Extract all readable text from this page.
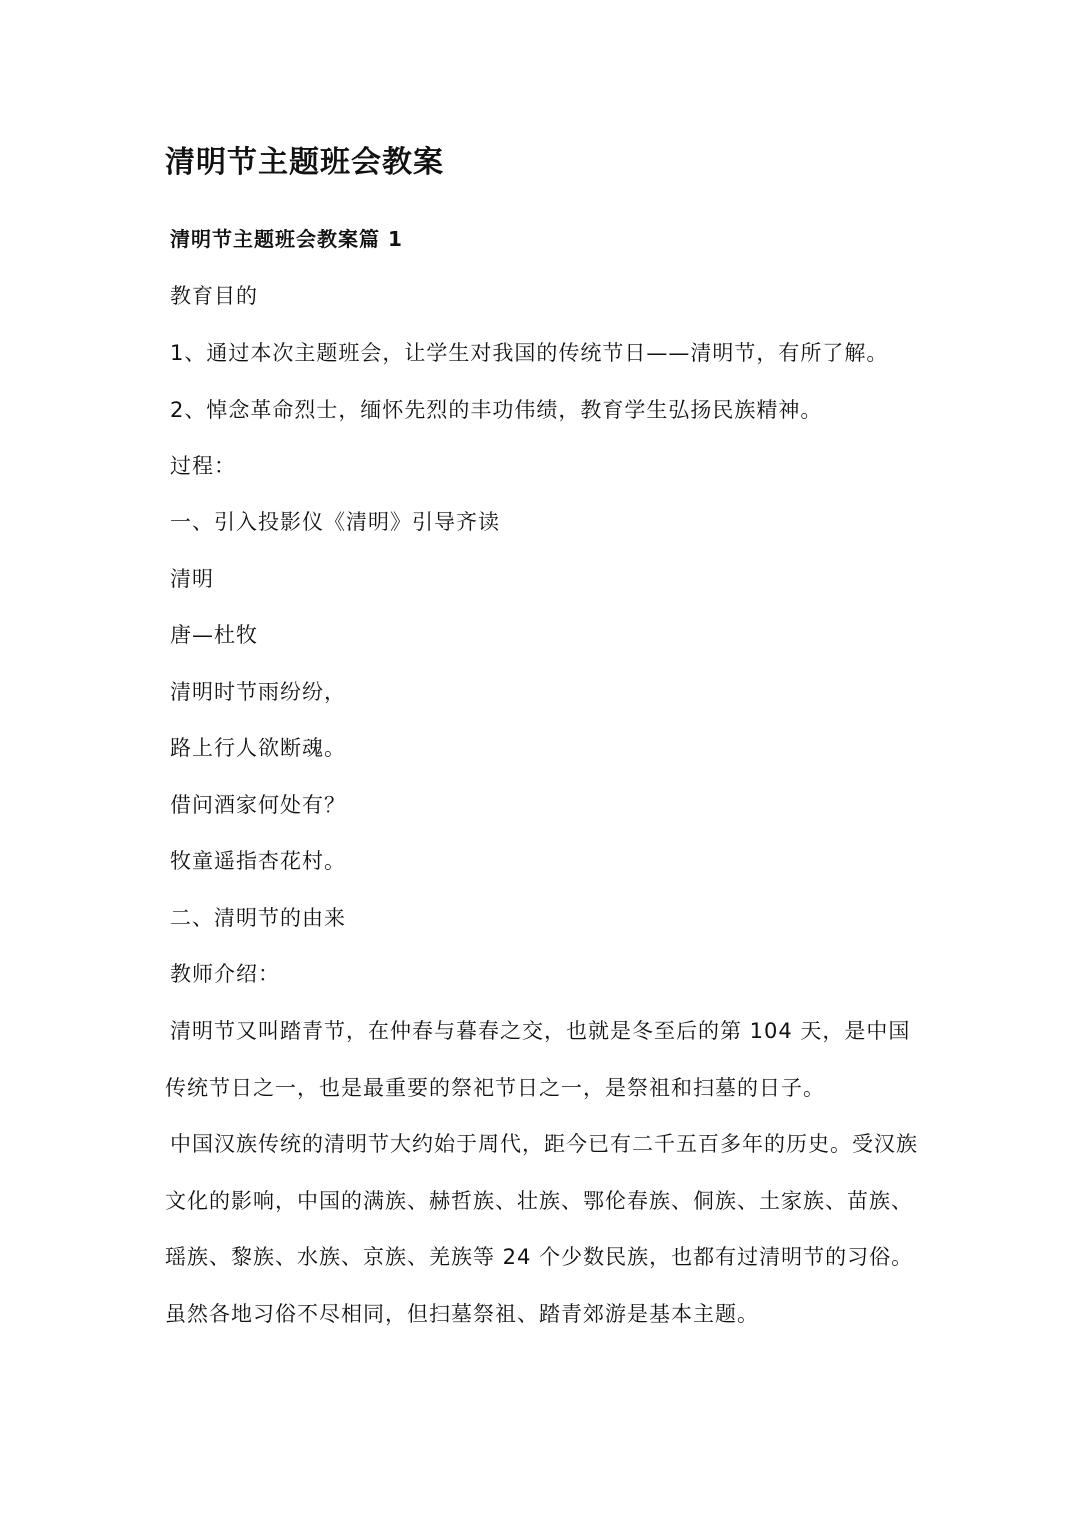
清明节主题班会教案

清明节主题班会教案篇 1

教育目的

1、通过本次主题班会，让学生对我国的传统节日——清明节，有所了解。

2、悼念革命烈士，缅怀先烈的丰功伟绩，教育学生弘扬民族精神。

过程：

一、引入投影仪《清明》引导齐读

清明

唐—杜牧

清明时节雨纷纷，

路上行人欲断魂。

借问酒家何处有？

牧童遥指杏花村。

二、清明节的由来

教师介绍：

清明节又叫踏青节，在仲春与暮春之交，也就是冬至后的第 104 天，是中国

传统节日之一，也是最重要的祭祀节日之一，是祭祖和扫墓的日子。

中国汉族传统的清明节大约始于周代，距今已有二千五百多年的历史。受汉族

文化的影响，中国的满族、赫哲族、壮族、鄂伦春族、侗族、土家族、苗族、

瑶族、黎族、水族、京族、羌族等 24 个少数民族，也都有过清明节的习俗。

虽然各地习俗不尽相同，但扫墓祭祖、踏青郊游是基本主题。
